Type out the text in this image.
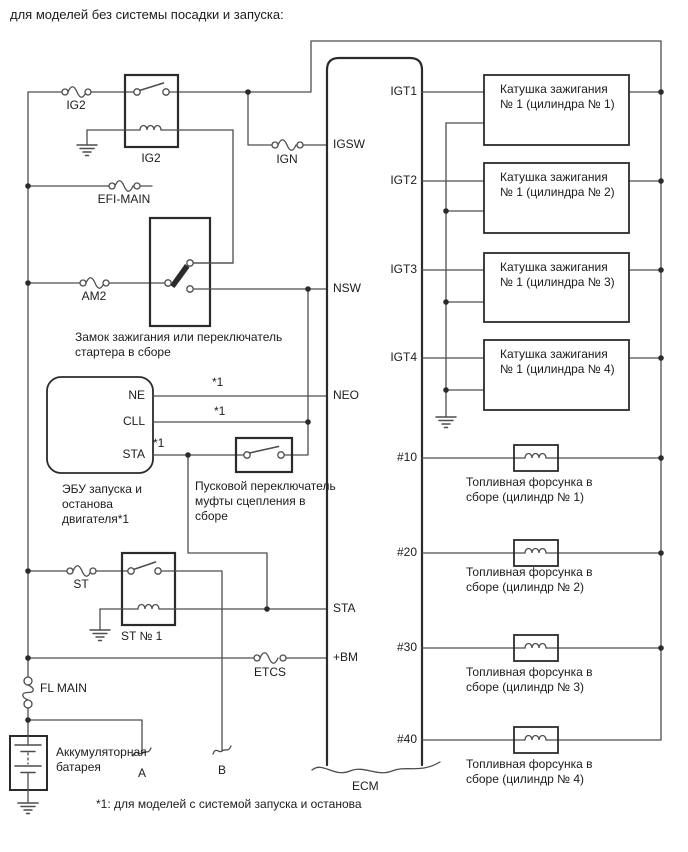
для моделей без системы посадки и запуска:
IG2
IG2	IGN
EFI-MAIN
AM2
Замок зажигания или переключатель
стартера в сборе
NE
CLL
STA
*1
*1
*1
ЭБУ запуска и
останова
двигателя*1
Пусковой переключатель
муфты сцепления в
сборе
ST
ST № 1
ETCS
FL MAIN
Аккумуляторная
батарея	A	B
*1: для моделей с системой запуска и останова
IGSW
NSW
NEO
STA
+BM
IGT1
IGT2
IGT3
IGT4
#10
#20
#30
#40
ECM
Катушка зажигания
№ 1 (цилиндра № 1)
Катушка зажигания
№ 1 (цилиндра № 2)
Катушка зажигания
№ 1 (цилиндра № 3)
Катушка зажигания
№ 1 (цилиндра № 4)
Топливная форсунка в
сборе (цилиндр № 1)
Топливная форсунка в
сборе (цилиндр № 2)
Топливная форсунка в
сборе (цилиндр № 3)
Топливная форсунка в
сборе (цилиндр № 4)
